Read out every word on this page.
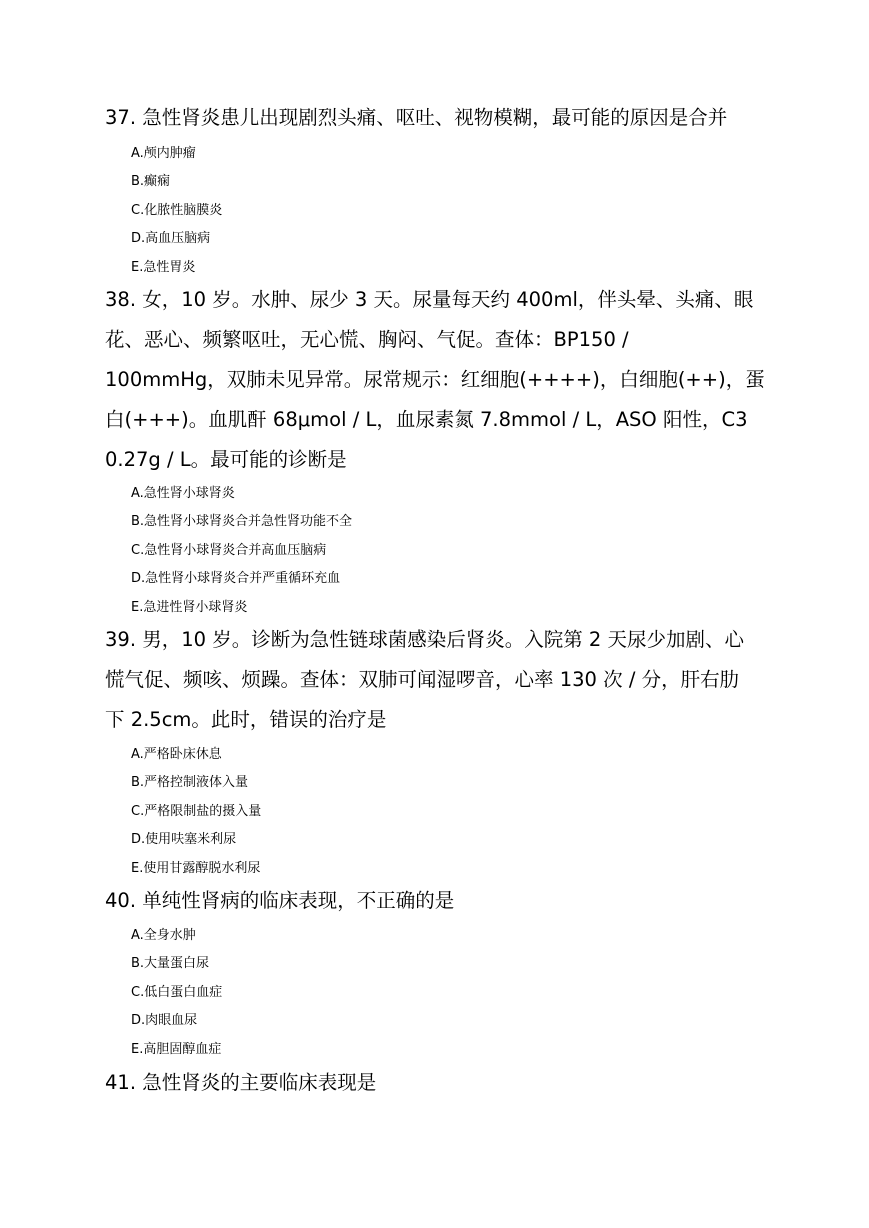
37. 急性肾炎患儿出现剧烈头痛、呕吐、视物模糊，最可能的原因是合并
A.颅内肿瘤
B.癫痫
C.化脓性脑膜炎
D.高血压脑病
E.急性胃炎
38. 女，10 岁。水肿、尿少 3 天。尿量每天约 400ml，伴头晕、头痛、眼
花、恶心、频繁呕吐，无心慌、胸闷、气促。查体：BP150 /
100mmHg，双肺未见异常。尿常规示：红细胞(++++)，白细胞(++)，蛋
白(+++)。血肌酐 68μmol / L，血尿素氮 7.8mmol / L，ASO 阳性，C3
0.27g / L。最可能的诊断是
A.急性肾小球肾炎
B.急性肾小球肾炎合并急性肾功能不全
C.急性肾小球肾炎合并高血压脑病
D.急性肾小球肾炎合并严重循环充血
E.急进性肾小球肾炎
39. 男，10 岁。诊断为急性链球菌感染后肾炎。入院第 2 天尿少加剧、心
慌气促、频咳、烦躁。查体：双肺可闻湿啰音，心率 130 次 / 分，肝右肋
下 2.5cm。此时，错误的治疗是
A.严格卧床休息
B.严格控制液体入量
C.严格限制盐的摄入量
D.使用呋塞米利尿
E.使用甘露醇脱水利尿
40. 单纯性肾病的临床表现，不正确的是
A.全身水肿
B.大量蛋白尿
C.低白蛋白血症
D.肉眼血尿
E.高胆固醇血症
41. 急性肾炎的主要临床表现是
